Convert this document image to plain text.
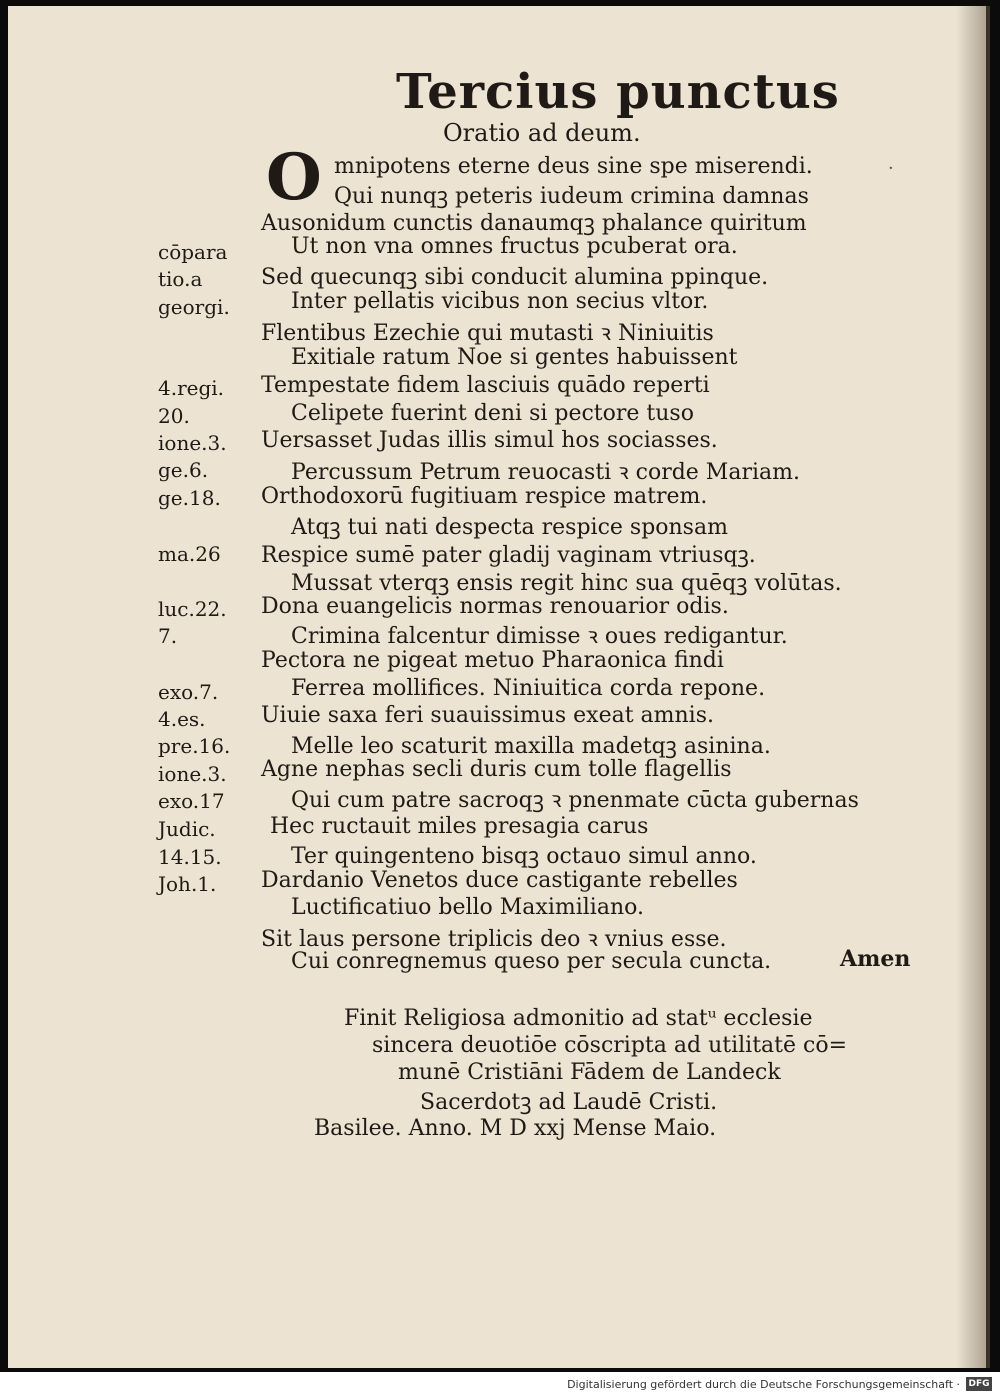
Tercius punctus
Oratio ad deum.
O	·
mnipotens eterne deus sine spe miserendi.
Qui nunqꝫ peteris iudeum crimina damnas
Ausonidum cunctis danaumqꝫ phalance quiritum
Ut non vna omnes fructus pcuberat ora.
Sed quecunqꝫ sibi conducit alumina ppinque.
Inter pellatis vicibus non secius vltor.
Flentibus Ezechie qui mutasti ꝛ Niniuitis
Exitiale ratum Noe si gentes habuissent
Tempestate fidem lasciuis quādo reperti
Celipete fuerint deni si pectore tuso
Uersasset Judas illis simul hos sociasses.
Percussum Petrum reuocasti ꝛ corde Mariam.
Orthodoxorū fugitiuam respice matrem.
Atqꝫ tui nati despecta respice sponsam
Respice sumē pater gladij vaginam vtriusqꝫ.
Mussat vterqꝫ ensis regit hinc sua quēqꝫ volūtas.
Dona euangelicis normas renouarior odis.
Crimina falcentur dimisse ꝛ oues redigantur.
Pectora ne pigeat metuo Pharaonica findi
Ferrea mollifices. Niniuitica corda repone.
Uiuie saxa feri suauissimus exeat amnis.
Melle leo scaturit maxilla madetqꝫ asinina.
Agne nephas secli duris cum tolle flagellis
Qui cum patre sacroqꝫ ꝛ pnenmate cūcta gubernas
Hec ructauit miles presagia carus
Ter quingenteno bisqꝫ octauo simul anno.
Dardanio Venetos duce castigante rebelles
Luctificatiuo bello Maximiliano.
Sit laus persone triplicis deo ꝛ vnius esse.
Cui conregnemus queso per secula cuncta.	Amen
cōpara
tio.a
georgi.
4.regi.
20.
ione.3.
ge.6.
ge.18.
ma.26
luc.22.
7.
exo.7.
4.es.
pre.16.
ione.3.
exo.17
Judic.
14.15.
Joh.1.
Finit Religiosa admonitio ad statᵘ ecclesie
sincera deuotiōe cōscripta ad utilitatē cō=
munē Cristiāni Fādem de Landeck
Sacerdotꝫ ad Laudē Cristi.
Basilee. Anno. M D xxj Mense Maio.
Digitalisierung gefördert durch die Deutsche Forschungsgemeinschaft · DFG
